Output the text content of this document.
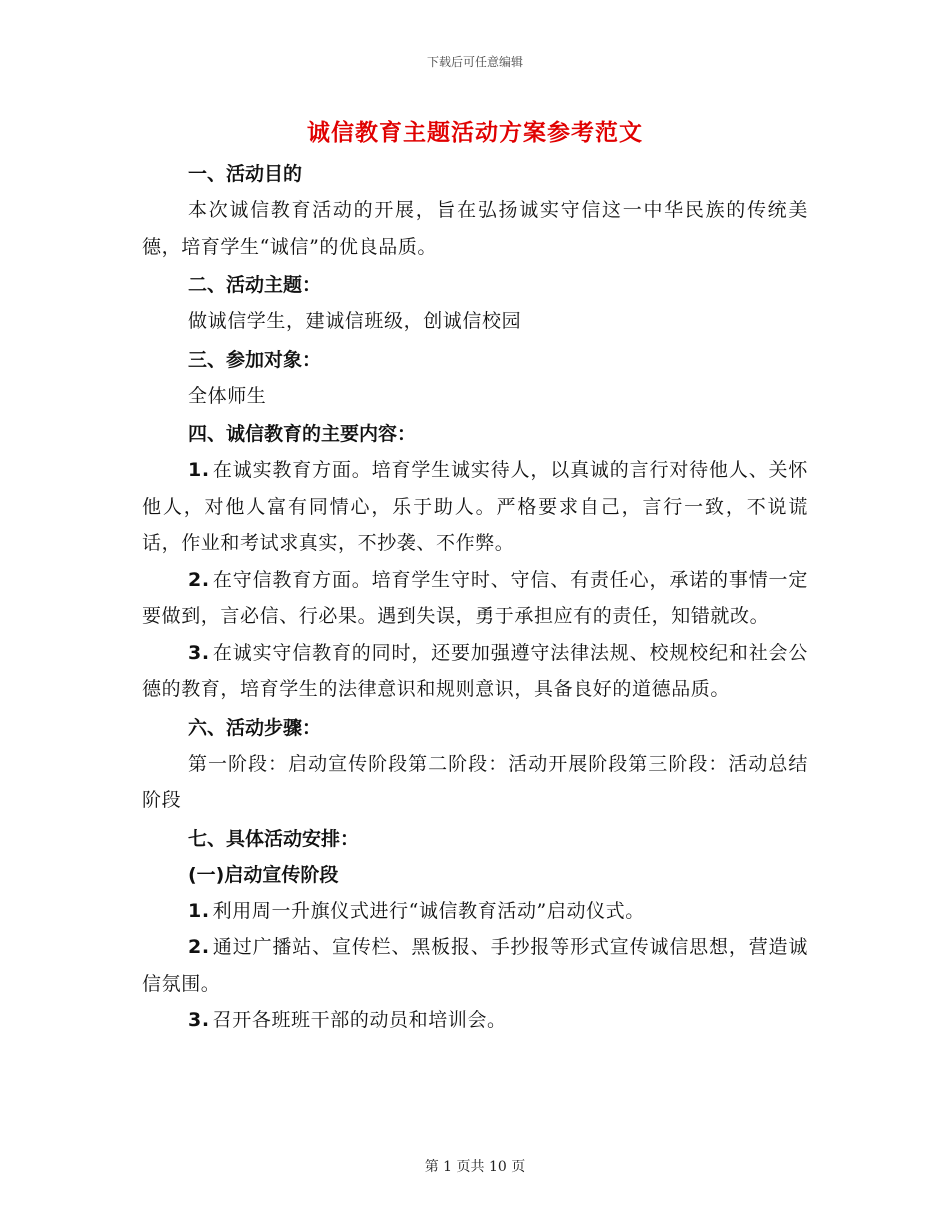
下载后可任意编辑
诚信教育主题活动方案参考范文
一、活动目的

本次诚信教育活动的开展，旨在弘扬诚实守信这一中华民族的传统美德，培育学生“诚信”的优良品质。

二、活动主题：

做诚信学生，建诚信班级，创诚信校园

三、参加对象：

全体师生

四、诚信教育的主要内容：

1. 在诚实教育方面。培育学生诚实待人，以真诚的言行对待他人、关怀他人，对他人富有同情心，乐于助人。严格要求自己，言行一致，不说谎话，作业和考试求真实，不抄袭、不作弊。

2. 在守信教育方面。培育学生守时、守信、有责任心，承诺的事情一定要做到，言必信、行必果。遇到失误，勇于承担应有的责任，知错就改。

3. 在诚实守信教育的同时，还要加强遵守法律法规、校规校纪和社会公德的教育，培育学生的法律意识和规则意识，具备良好的道德品质。

六、活动步骤：

第一阶段：启动宣传阶段第二阶段：活动开展阶段第三阶段：活动总结阶段

七、具体活动安排：
(一)启动宣传阶段

1. 利用周一升旗仪式进行“诚信教育活动”启动仪式。

2. 通过广播站、宣传栏、黑板报、手抄报等形式宣传诚信思想，营造诚信氛围。

3. 召开各班班干部的动员和培训会。

第 1 页共 10 页
